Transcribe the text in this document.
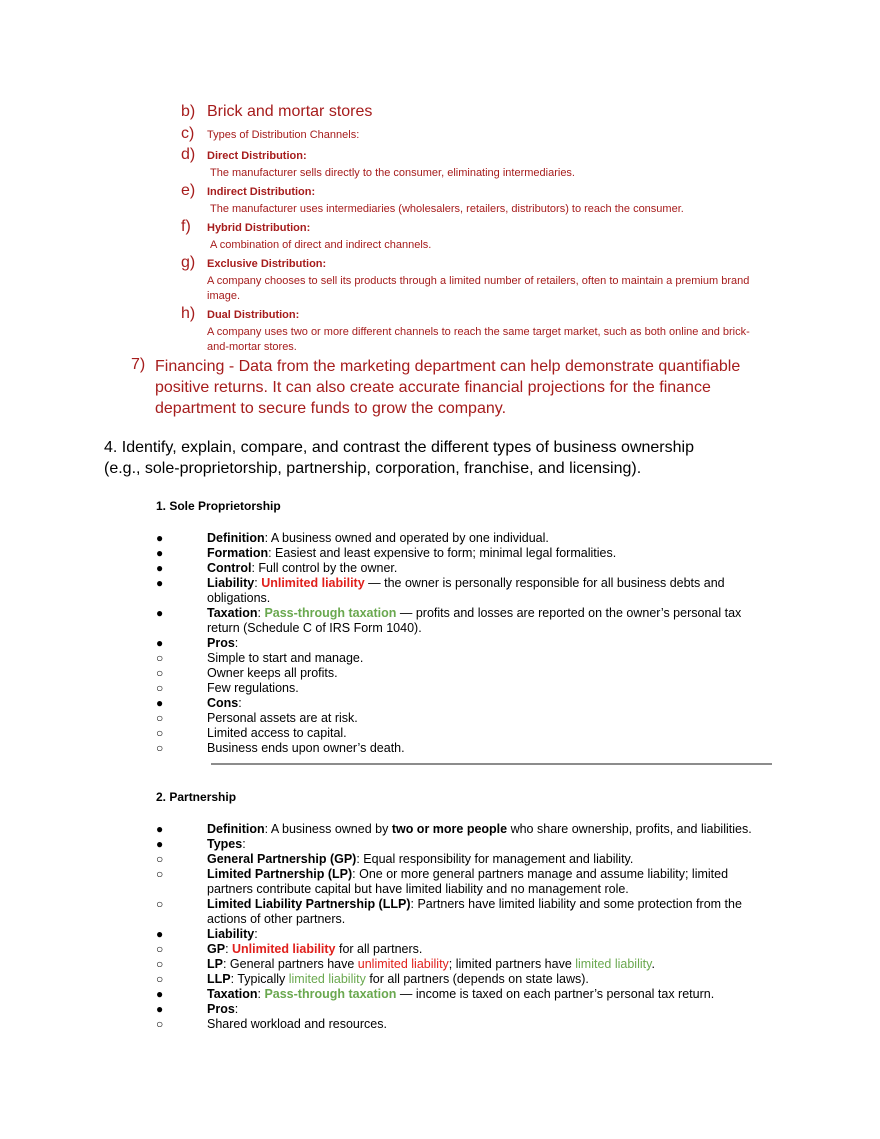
b) Brick and mortar stores
c) Types of Distribution Channels:
d) Direct Distribution:
The manufacturer sells directly to the consumer, eliminating intermediaries.
e) Indirect Distribution:
The manufacturer uses intermediaries (wholesalers, retailers, distributors) to reach the consumer.
f) Hybrid Distribution:
A combination of direct and indirect channels.
g) Exclusive Distribution:
A company chooses to sell its products through a limited number of retailers, often to maintain a premium brand image.
h) Dual Distribution:
A company uses two or more different channels to reach the same target market, such as both online and brick-and-mortar stores.
7) Financing - Data from the marketing department can help demonstrate quantifiable positive returns. It can also create accurate financial projections for the finance department to secure funds to grow the company.
4. Identify, explain, compare, and contrast the different types of business ownership (e.g., sole-proprietorship, partnership, corporation, franchise, and licensing).
1. Sole Proprietorship
●	Definition: A business owned and operated by one individual.
●	Formation: Easiest and least expensive to form; minimal legal formalities.
●	Control: Full control by the owner.
●	Liability: Unlimited liability — the owner is personally responsible for all business debts and obligations.
●	Taxation: Pass-through taxation — profits and losses are reported on the owner’s personal tax return (Schedule C of IRS Form 1040).
●	Pros:
○	Simple to start and manage.
○	Owner keeps all profits.
○	Few regulations.
●	Cons:
○	Personal assets are at risk.
○	Limited access to capital.
○	Business ends upon owner’s death.
2. Partnership
●	Definition: A business owned by two or more people who share ownership, profits, and liabilities.
●	Types:
○	General Partnership (GP): Equal responsibility for management and liability.
○	Limited Partnership (LP): One or more general partners manage and assume liability; limited partners contribute capital but have limited liability and no management role.
○	Limited Liability Partnership (LLP): Partners have limited liability and some protection from the actions of other partners.
●	Liability:
○	GP: Unlimited liability for all partners.
○	LP: General partners have unlimited liability; limited partners have limited liability.
○	LLP: Typically limited liability for all partners (depends on state laws).
●	Taxation: Pass-through taxation — income is taxed on each partner’s personal tax return.
●	Pros:
○	Shared workload and resources.
